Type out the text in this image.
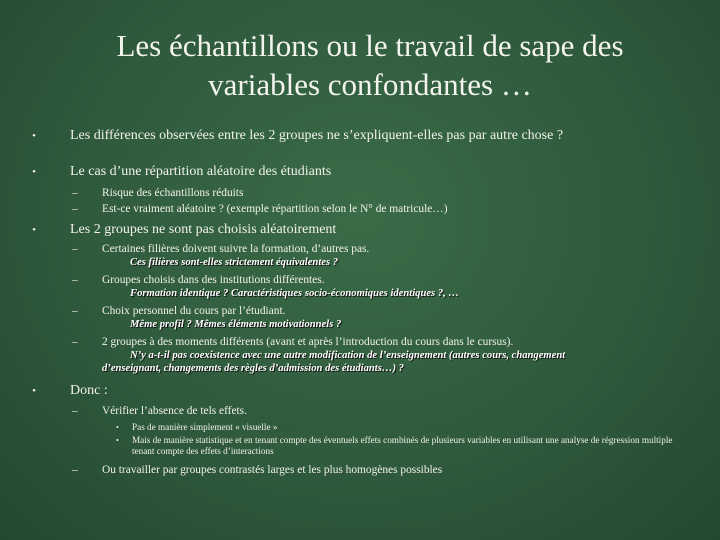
Les échantillons ou le travail de sape des
variables confondantes …
• Les différences observées entre les 2 groupes ne s’expliquent-elles pas par autre chose ?
• Le cas d’une répartition aléatoire des étudiants
– Risque des échantillons réduits
– Est-ce vraiment aléatoire ? (exemple répartition selon le N° de matricule…)
• Les 2 groupes ne sont pas choisis aléatoirement
– Certaines filières doivent suivre la formation, d’autres pas.
Ces filières sont-elles strictement équivalentes ?
– Groupes choisis dans des institutions différentes.
Formation identique ? Caractéristiques socio-économiques identiques ?, …
– Choix personnel du cours par l’étudiant.
Même profil ? Mêmes éléments motivationnels ?
– 2 groupes à des moments différents (avant et après l’introduction du cours dans le cursus).
N’y a-t-il pas coexistence avec une autre modification de l’enseignement (autres cours, changement
d’enseignant, changements des règles d’admission des étudiants…) ?
• Donc :
– Vérifier l’absence de tels effets.
• Pas de manière simplement « visuelle »
• Mais de manière statistique et en tenant compte des éventuels effets combinés de plusieurs variables en utilisant une analyse de régression multiple tenant compte des effets d’interactions
– Ou travailler par groupes contrastés larges et les plus homogènes possibles
